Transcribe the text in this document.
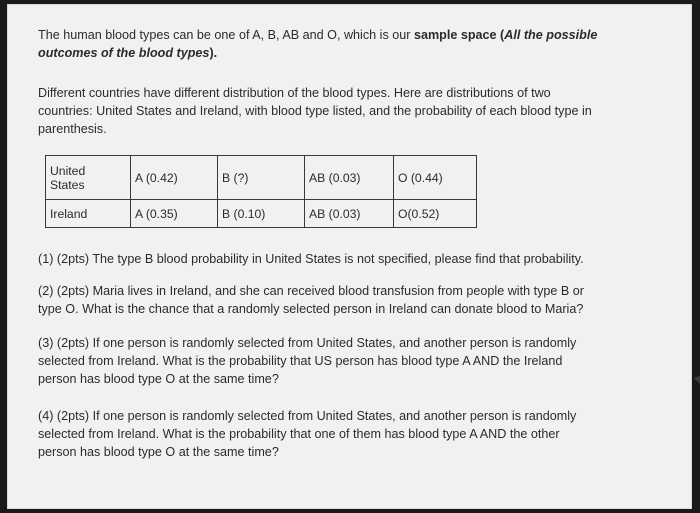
The human blood types can be one of A, B, AB and O, which is our sample space (All the possible
outcomes of the blood types).
Different countries have different distribution of the blood types. Here are distributions of two
countries: United States and Ireland, with blood type listed, and the probability of each blood type in
parenthesis.
United
States	A (0.42)	B (?)	AB (0.03)	O (0.44)
Ireland	A (0.35)	B (0.10)	AB (0.03)	O(0.52)
(1) (2pts) The type B blood probability in United States is not specified, please find that probability.
(2) (2pts) Maria lives in Ireland, and she can received blood transfusion from people with type B or
type O. What is the chance that a randomly selected person in Ireland can donate blood to Maria?
(3) (2pts) If one person is randomly selected from United States, and another person is randomly
selected from Ireland. What is the probability that US person has blood type A AND the Ireland
person has blood type O at the same time?
(4) (2pts) If one person is randomly selected from United States, and another person is randomly
selected from Ireland. What is the probability that one of them has blood type A AND the other
person has blood type O at the same time?
